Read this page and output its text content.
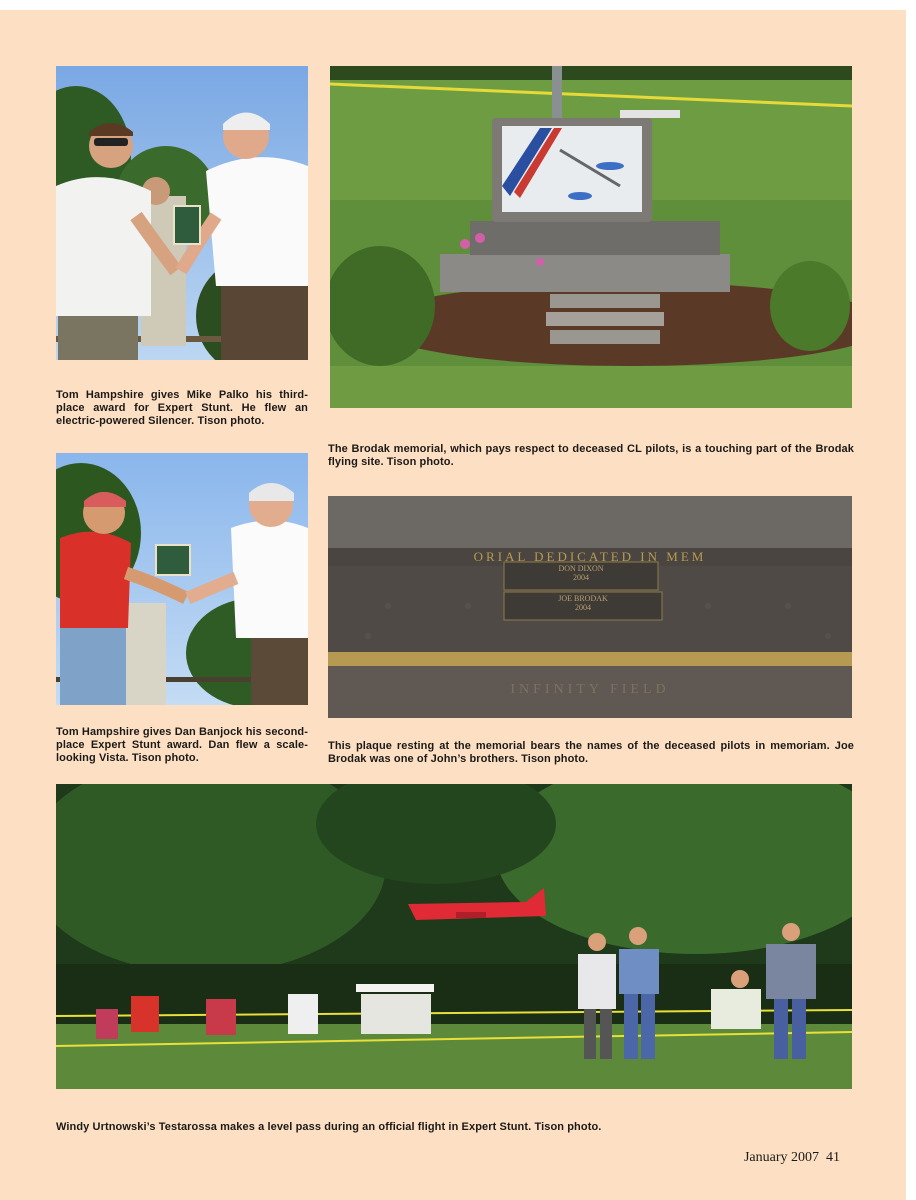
Tom Hampshire gives Mike Palko his third-place award for Expert Stunt. He flew an electric-powered Silencer. Tison photo.

The Brodak memorial, which pays respect to deceased CL pilots, is a touching part of the Brodak flying site. Tison photo.

ORIAL DEDICATED IN MEM
DON DIXON
2004
JOE BRODAK
2004
INFINITY FIELD

Tom Hampshire gives Dan Banjock his second-place Expert Stunt award. Dan flew a scale-looking Vista. Tison photo.

This plaque resting at the memorial bears the names of the deceased pilots in memoriam. Joe Brodak was one of John’s brothers. Tison photo.

Windy Urtnowski’s Testarossa makes a level pass during an official flight in Expert Stunt. Tison photo.

January 2007 41
